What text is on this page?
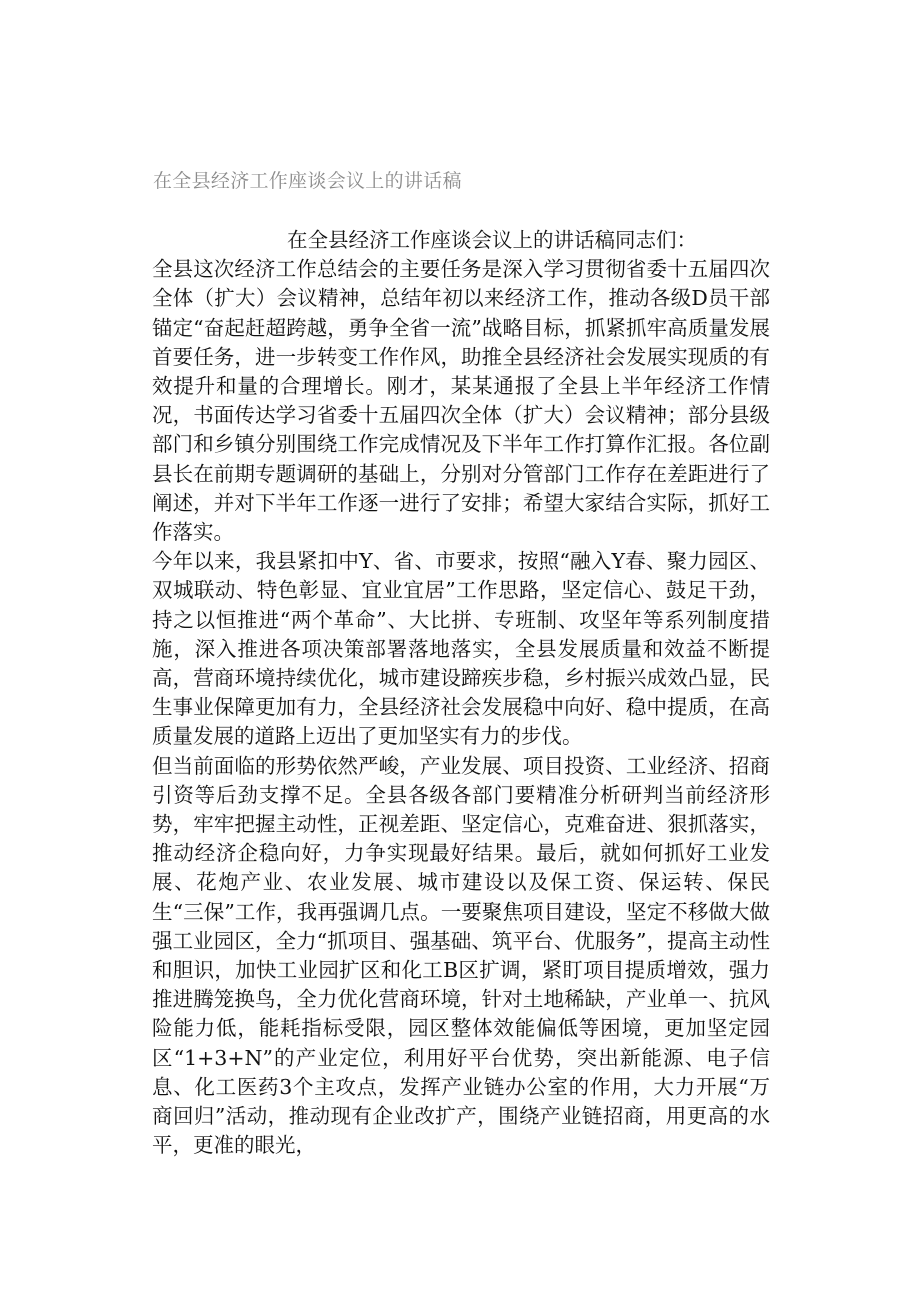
在全县经济工作座谈会议上的讲话稿

在全县经济工作座谈会议上的讲话稿同志们：

全县这次经济工作总结会的主要任务是深入学习贯彻省委十五届四次全体（扩大）会议精神，总结年初以来经济工作，推动各级D员干部锚定“奋起赶超跨越，勇争全省一流”战略目标，抓紧抓牢高质量发展首要任务，进一步转变工作作风，助推全县经济社会发展实现质的有效提升和量的合理增长。刚才，某某通报了全县上半年经济工作情况，书面传达学习省委十五届四次全体（扩大）会议精神；部分县级部门和乡镇分别围绕工作完成情况及下半年工作打算作汇报。各位副县长在前期专题调研的基础上，分别对分管部门工作存在差距进行了阐述，并对下半年工作逐一进行了安排；希望大家结合实际，抓好工作落实。

今年以来，我县紧扣中Y、省、市要求，按照“融入Y春、聚力园区、双城联动、特色彰显、宜业宜居”工作思路，坚定信心、鼓足干劲，持之以恒推进“两个革命”、大比拼、专班制、攻坚年等系列制度措施，深入推进各项决策部署落地落实，全县发展质量和效益不断提高，营商环境持续优化，城市建设蹄疾步稳，乡村振兴成效凸显，民生事业保障更加有力，全县经济社会发展稳中向好、稳中提质，在高质量发展的道路上迈出了更加坚实有力的步伐。

但当前面临的形势依然严峻，产业发展、项目投资、工业经济、招商引资等后劲支撑不足。全县各级各部门要精准分析研判当前经济形势，牢牢把握主动性，正视差距、坚定信心，克难奋进、狠抓落实，推动经济企稳向好，力争实现最好结果。最后，就如何抓好工业发展、花炮产业、农业发展、城市建设以及保工资、保运转、保民生“三保”工作，我再强调几点。一要聚焦项目建设，坚定不移做大做强工业园区，全力“抓项目、强基础、筑平台、优服务”，提高主动性和胆识，加快工业园扩区和化工B区扩调，紧盯项目提质增效，强力推进腾笼换鸟，全力优化营商环境，针对土地稀缺，产业单一、抗风险能力低，能耗指标受限，园区整体效能偏低等困境，更加坚定园区“1+3+N”的产业定位，利用好平台优势，突出新能源、电子信息、化工医药3个主攻点，发挥产业链办公室的作用，大力开展“万商回归”活动，推动现有企业改扩产，围绕产业链招商，用更高的水平，更准的眼光，
